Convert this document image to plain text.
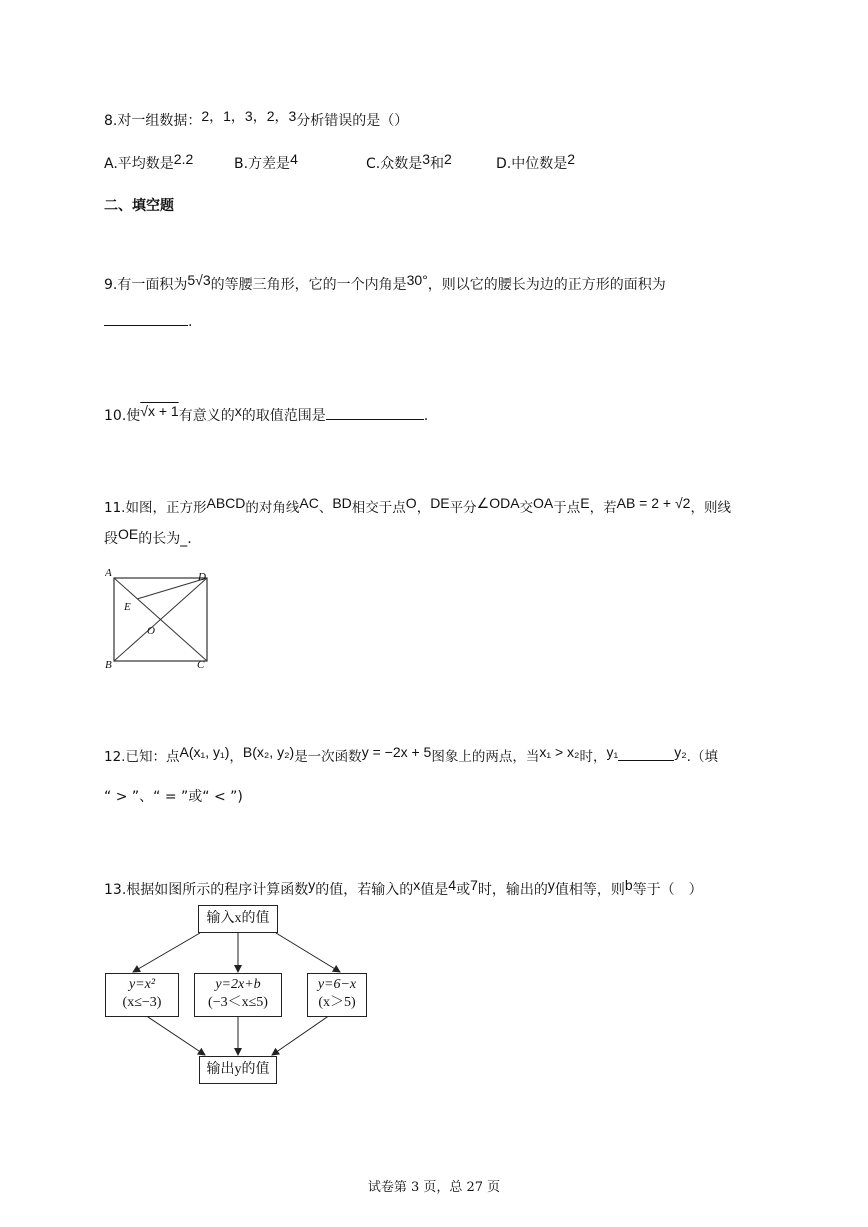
8.对一组数据：2，1，3，2，3分析错误的是（）
A.平均数是2.2	B.方差是4	C.众数是3和2	D.中位数是2
二、填空题
9.有一面积为5√3的等腰三角形，它的一个内角是30°，则以它的腰长为边的正方形的面积为
.
10.使√x + 1有意义的x的取值范围是	.
11.如图，正方形ABCD的对角线AC、BD相交于点O，DE平分∠ODA交OA于点E，若AB = 2 + √2，则线
段OE的长为_.
A	D
E
O
B	C
12.已知：点A(x₁, y₁)，B(x₂, y₂)是一次函数y = −2x + 5图象上的两点，当x₁ > x₂时，y₁	y₂.（填
“ > ”、“ = ”或“ < ”)
13.根据如图所示的程序计算函数y的值，若输入的x值是4或7时，输出的y值相等，则b等于（　）
输入x的值
y=x²
(x≤−3)
y=2x+b
(−3＜x≤5)
y=6−x
(x＞5)
输出y的值
试卷第 3 页，总 27 页
